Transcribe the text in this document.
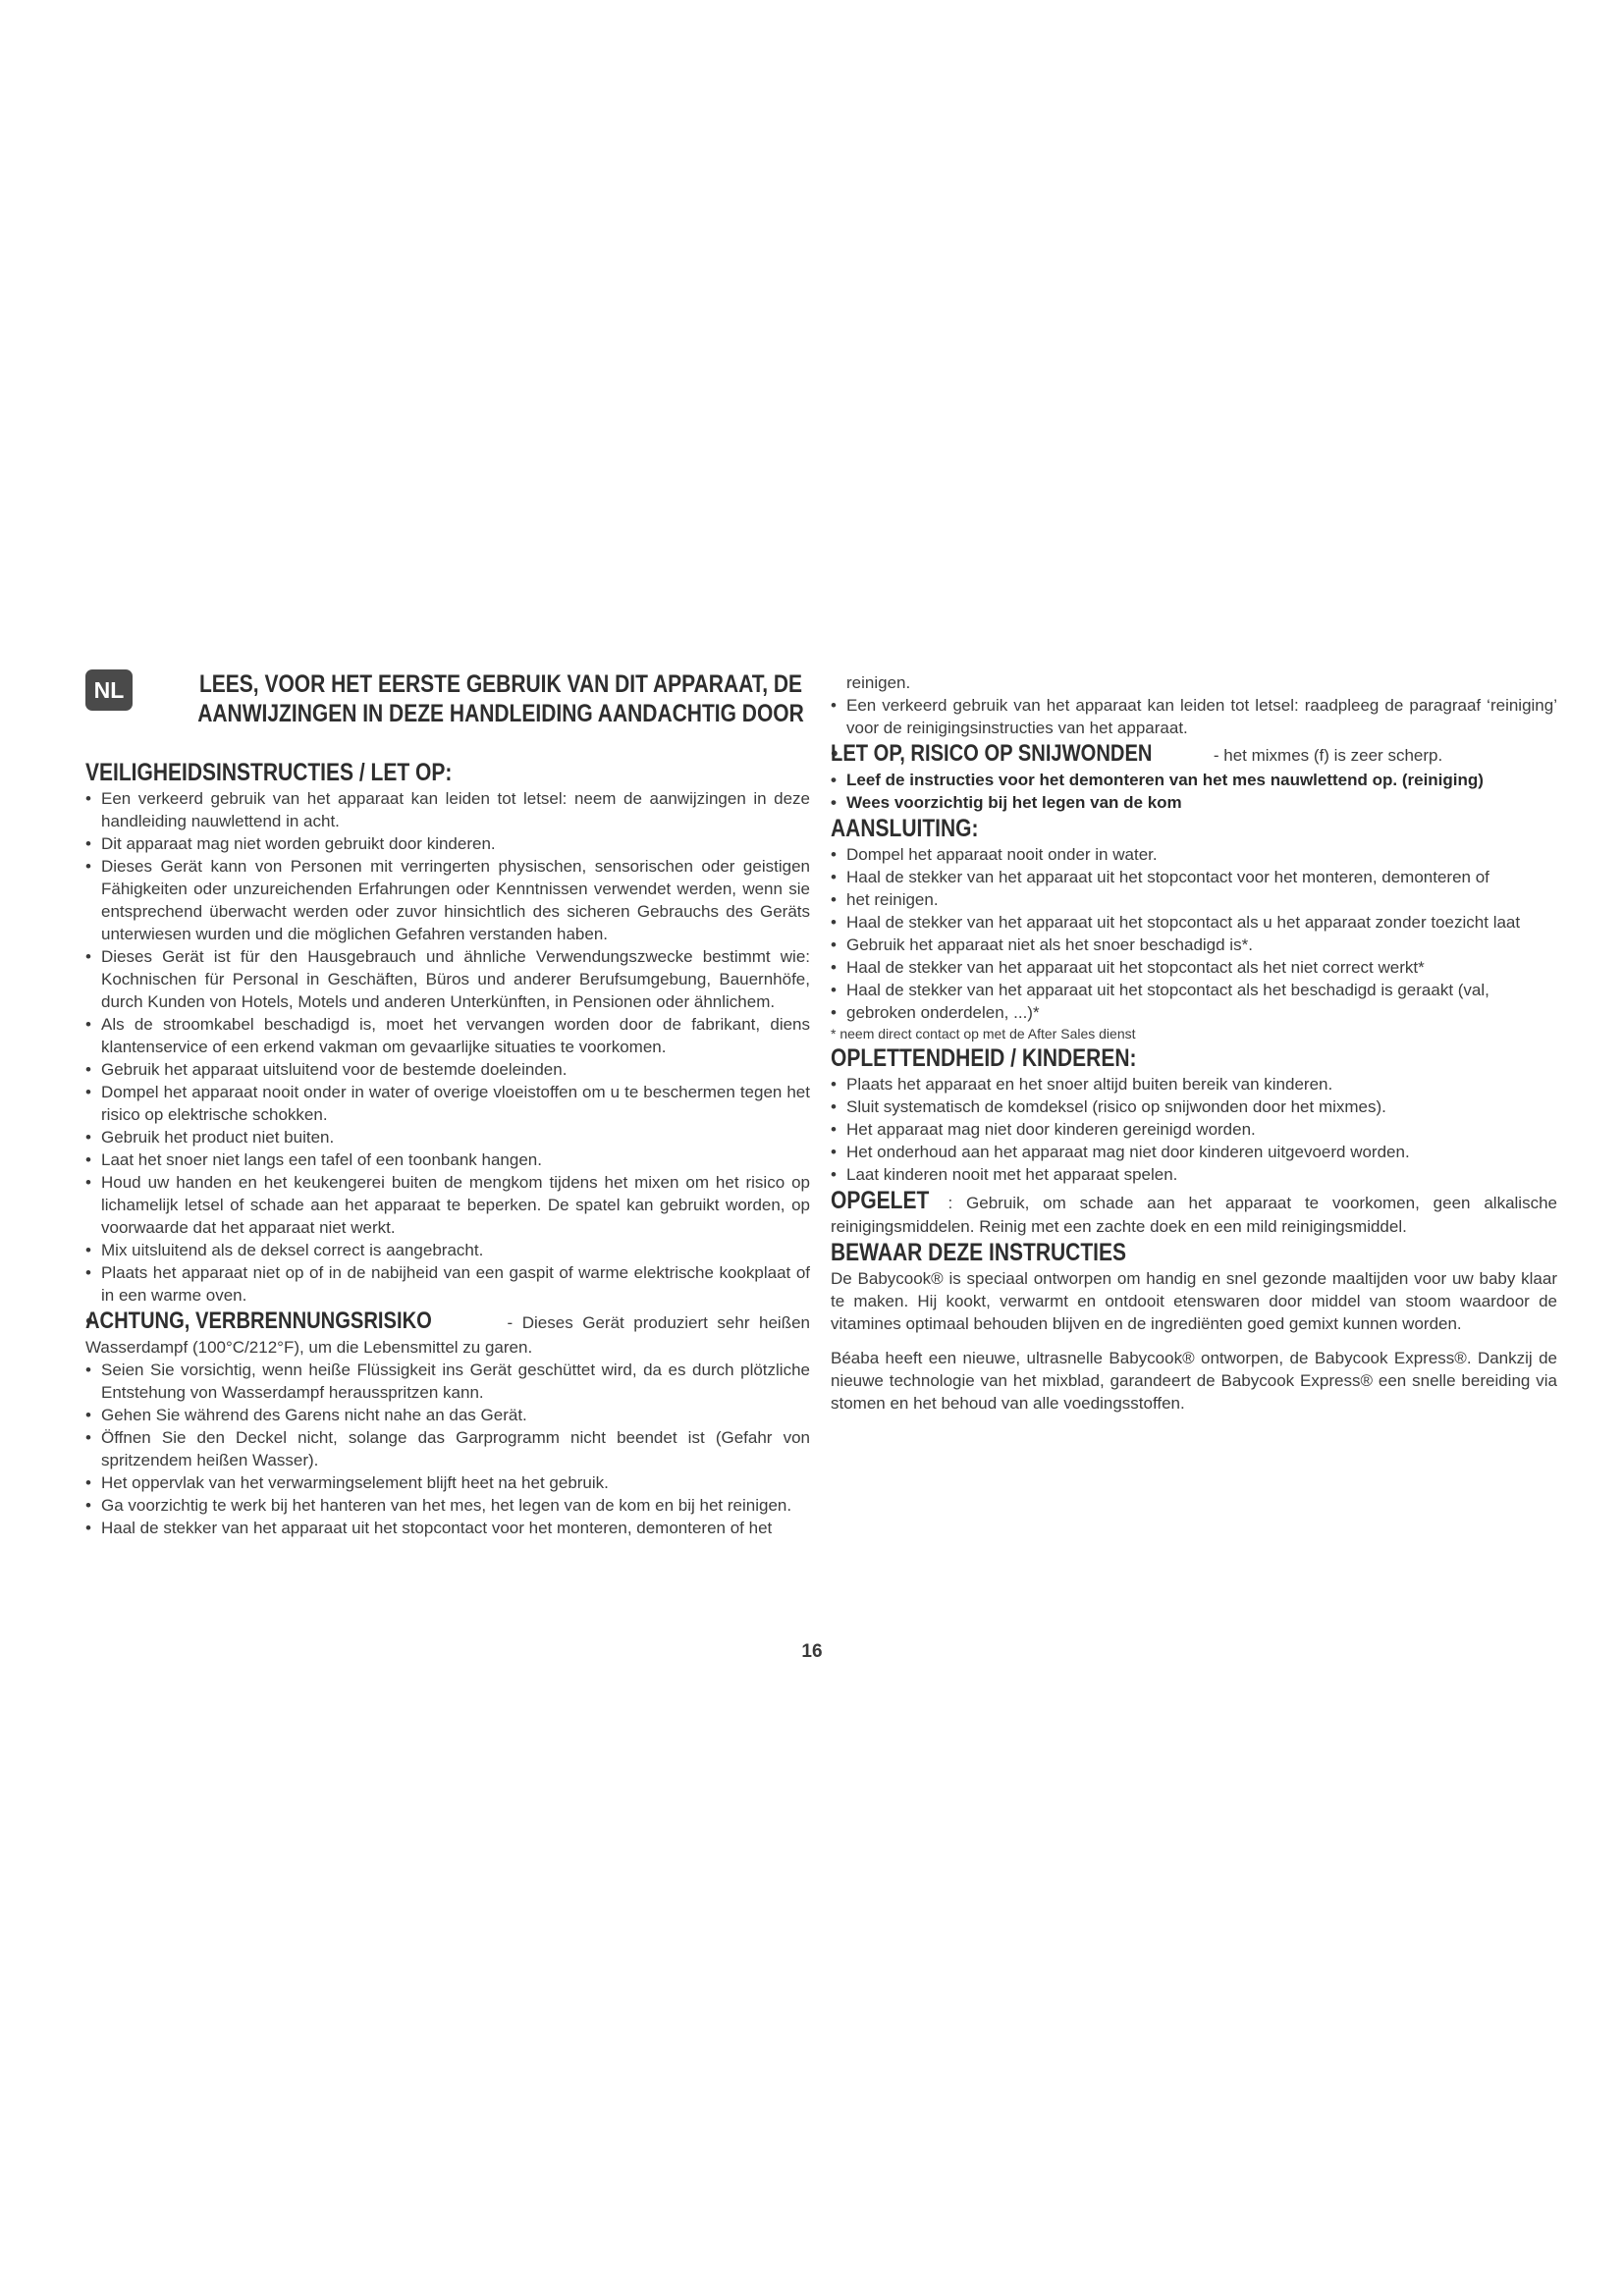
NL	LEES, VOOR HET EERSTE GEBRUIK VAN DIT APPARAAT, DE AANWIJZINGEN IN DEZE HANDLEIDING AANDACHTIG DOOR
VEILIGHEIDSINSTRUCTIES / LET OP:
• Een verkeerd gebruik van het apparaat kan leiden tot letsel: neem de aanwijzingen in deze handleiding nauwlettend in acht.
• Dit apparaat mag niet worden gebruikt door kinderen.
• Dieses Gerät kann von Personen mit verringerten physischen, sensorischen oder geistigen Fähigkeiten oder unzureichenden Erfahrungen oder Kenntnissen verwendet werden, wenn sie entsprechend überwacht werden oder zuvor hinsichtlich des sicheren Gebrauchs des Geräts unterwiesen wurden und die möglichen Gefahren verstanden haben.
• Dieses Gerät ist für den Hausgebrauch und ähnliche Verwendungszwecke bestimmt wie: Kochnischen für Personal in Geschäften, Büros und anderer Berufsumgebung, Bauernhöfe, durch Kunden von Hotels, Motels und anderen Unterkünften, in Pensionen oder ähnlichem.
• Als de stroomkabel beschadigd is, moet het vervangen worden door de fabrikant, diens klantenservice of een erkend vakman om gevaarlijke situaties te voorkomen.
• Gebruik het apparaat uitsluitend voor de bestemde doeleinden.
• Dompel het apparaat nooit onder in water of overige vloeistoffen om u te beschermen tegen het risico op elektrische schokken.
• Gebruik het product niet buiten.
• Laat het snoer niet langs een tafel of een toonbank hangen.
• Houd uw handen en het keukengerei buiten de mengkom tijdens het mixen om het risico op lichamelijk letsel of schade aan het apparaat te beperken. De spatel kan gebruikt worden, op voorwaarde dat het apparaat niet werkt.
• Mix uitsluitend als de deksel correct is aangebracht.
• Plaats het apparaat niet op of in de nabijheid van een gaspit of warme elektrische kookplaat of in een warme oven.

• ACHTUNG, VERBRENNUNGSRISIKO	- Dieses Gerät produziert sehr heißen Wasserdampf (100°C/212°F), um die Lebensmittel zu garen.

• Seien Sie vorsichtig, wenn heiße Flüssigkeit ins Gerät geschüttet wird, da es durch plötzliche Entstehung von Wasserdampf herausspritzen kann.
• Gehen Sie während des Garens nicht nahe an das Gerät.
• Öffnen Sie den Deckel nicht, solange das Garprogramm nicht beendet ist (Gefahr von spritzendem heißen Wasser).
• Het oppervlak van het verwarmingselement blijft heet na het gebruik.
• Ga voorzichtig te werk bij het hanteren van het mes, het legen van de kom en bij het reinigen.
• Haal de stekker van het apparaat uit het stopcontact voor het monteren, demonteren of het

reinigen.

• Een verkeerd gebruik van het apparaat kan leiden tot letsel: raadpleeg de paragraaf ‘reiniging’ voor de reinigingsinstructies van het apparaat.

• LET OP, RISICO OP SNIJWONDEN	- het mixmes (f) is zeer scherp.

• Leef de instructies voor het demonteren van het mes nauwlettend op. (reiniging)
• Wees voorzichtig bij het legen van de kom
AANSLUITING:
• Dompel het apparaat nooit onder in water.
• Haal de stekker van het apparaat uit het stopcontact voor het monteren, demonteren of
• het reinigen.
• Haal de stekker van het apparaat uit het stopcontact als u het apparaat zonder toezicht laat
• Gebruik het apparaat niet als het snoer beschadigd is*.
• Haal de stekker van het apparaat uit het stopcontact als het niet correct werkt*
• Haal de stekker van het apparaat uit het stopcontact als het beschadigd is geraakt (val,
• gebroken onderdelen, ...)*

* neem direct contact op met de After Sales dienst

OPLETTENDHEID / KINDEREN:
• Plaats het apparaat en het snoer altijd buiten bereik van kinderen.
• Sluit systematisch de komdeksel (risico op snijwonden door het mixmes).
• Het apparaat mag niet door kinderen gereinigd worden.
• Het onderhoud aan het apparaat mag niet door kinderen uitgevoerd worden.
• Laat kinderen nooit met het apparaat spelen.

OPGELET : Gebruik, om schade aan het apparaat te voorkomen, geen alkalische reinigingsmiddelen. Reinig met een zachte doek en een mild reinigingsmiddel.

BEWAAR DEZE INSTRUCTIES

De Babycook® is speciaal ontworpen om handig en snel gezonde maaltijden voor uw baby klaar te maken. Hij kookt, verwarmt en ontdooit etenswaren door middel van stoom waardoor de vitamines optimaal behouden blijven en de ingrediënten goed gemixt kunnen worden.

Béaba heeft een nieuwe, ultrasnelle Babycook® ontworpen, de Babycook Express®. Dankzij de nieuwe technologie van het mixblad, garandeert de Babycook Express® een snelle bereiding via stomen en het behoud van alle voedingsstoffen.

16
